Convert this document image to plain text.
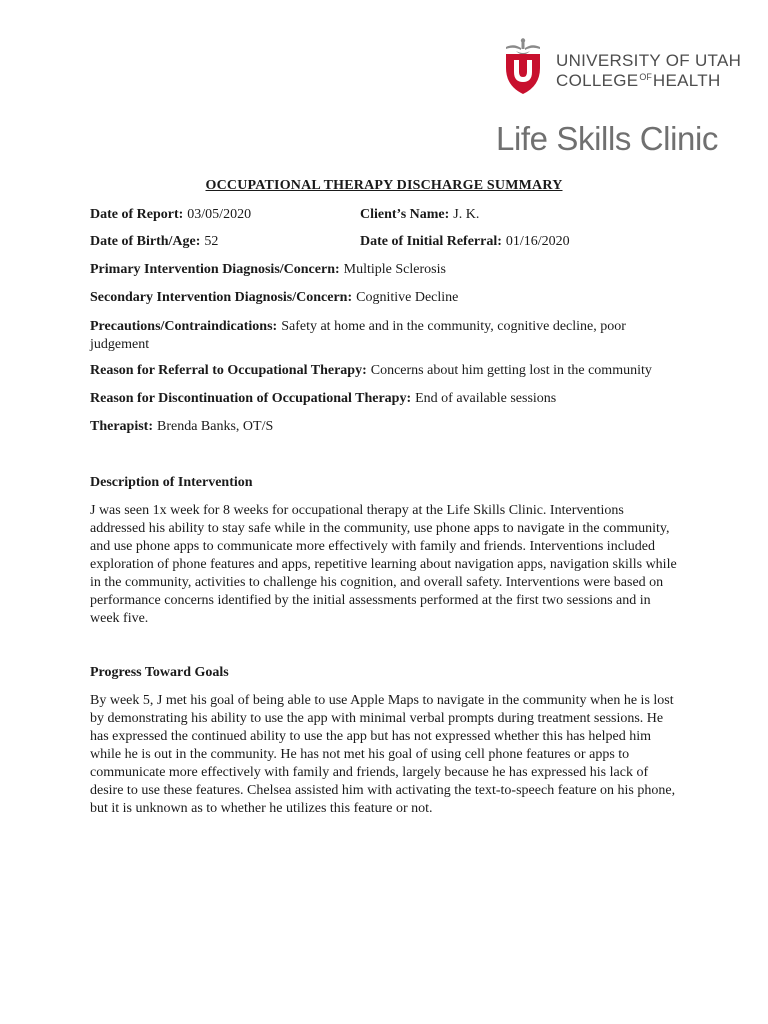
UNIVERSITY OF UTAH
$COLLEGE^{OF}HEALTH$
Life Skills Clinic
OCCUPATIONAL THERAPY DISCHARGE SUMMARY
Date of Report: 03/05/2020	Client’s Name: J. K.
Date of Birth/Age: 52	Date of Initial Referral: 01/16/2020
Primary Intervention Diagnosis/Concern: Multiple Sclerosis
Secondary Intervention Diagnosis/Concern: Cognitive Decline
Precautions/Contraindications: Safety at home and in the community, cognitive decline, poor judgement
Reason for Referral to Occupational Therapy: Concerns about him getting lost in the community
Reason for Discontinuation of Occupational Therapy: End of available sessions
Therapist: Brenda Banks, OT/S
Description of Intervention
J was seen 1x week for 8 weeks for occupational therapy at the Life Skills Clinic. Interventions addressed his ability to stay safe while in the community, use phone apps to navigate in the community, and use phone apps to communicate more effectively with family and friends. Interventions included exploration of phone features and apps, repetitive learning about navigation apps, navigation skills while in the community, activities to challenge his cognition, and overall safety. Interventions were based on performance concerns identified by the initial assessments performed at the first two sessions and in week five.
Progress Toward Goals
By week 5, J met his goal of being able to use Apple Maps to navigate in the community when he is lost by demonstrating his ability to use the app with minimal verbal prompts during treatment sessions. He has expressed the continued ability to use the app but has not expressed whether this has helped him while he is out in the community. He has not met his goal of using cell phone features or apps to communicate more effectively with family and friends, largely because he has expressed his lack of desire to use these features. Chelsea assisted him with activating the text-to-speech feature on his phone, but it is unknown as to whether he utilizes this feature or not.
